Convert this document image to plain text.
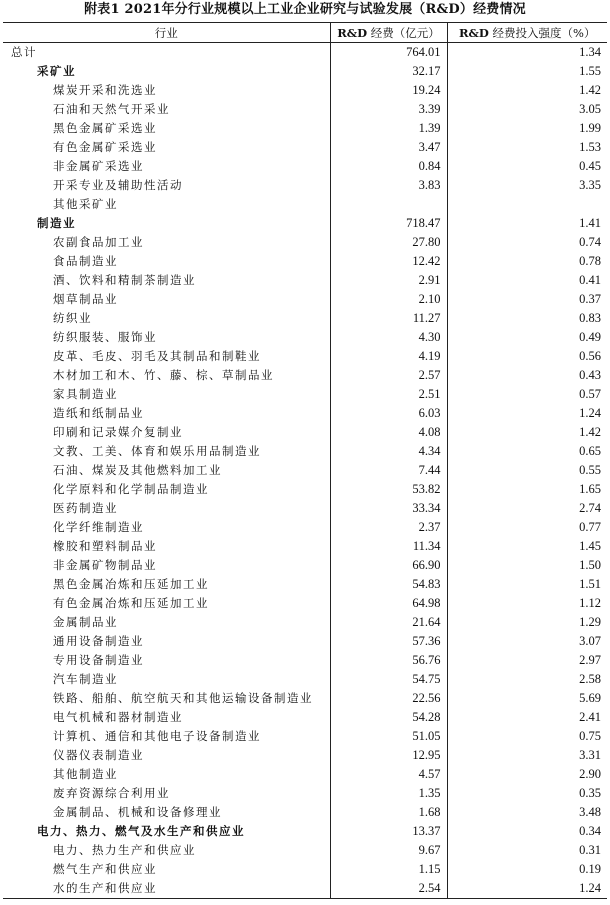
附表1 2021年分行业规模以上工业企业研究与试验发展（R&D）经费情况
行业	R&D 经费（亿元）	R&D 经费投入强度（%）
总计	764.01	1.34
采矿业	32.17	1.55
煤炭开采和洗选业	19.24	1.42
石油和天然气开采业	3.39	3.05
黑色金属矿采选业	1.39	1.99
有色金属矿采选业	3.47	1.53
非金属矿采选业	0.84	0.45
开采专业及辅助性活动	3.83	3.35
其他采矿业		
制造业	718.47	1.41
农副食品加工业	27.80	0.74
食品制造业	12.42	0.78
酒、饮料和精制茶制造业	2.91	0.41
烟草制品业	2.10	0.37
纺织业	11.27	0.83
纺织服装、服饰业	4.30	0.49
皮革、毛皮、羽毛及其制品和制鞋业	4.19	0.56
木材加工和木、竹、藤、棕、草制品业	2.57	0.43
家具制造业	2.51	0.57
造纸和纸制品业	6.03	1.24
印刷和记录媒介复制业	4.08	1.42
文教、工美、体育和娱乐用品制造业	4.34	0.65
石油、煤炭及其他燃料加工业	7.44	0.55
化学原料和化学制品制造业	53.82	1.65
医药制造业	33.34	2.74
化学纤维制造业	2.37	0.77
橡胶和塑料制品业	11.34	1.45
非金属矿物制品业	66.90	1.50
黑色金属冶炼和压延加工业	54.83	1.51
有色金属冶炼和压延加工业	64.98	1.12
金属制品业	21.64	1.29
通用设备制造业	57.36	3.07
专用设备制造业	56.76	2.97
汽车制造业	54.75	2.58
铁路、船舶、航空航天和其他运输设备制造业	22.56	5.69
电气机械和器材制造业	54.28	2.41
计算机、通信和其他电子设备制造业	51.05	0.75
仪器仪表制造业	12.95	3.31
其他制造业	4.57	2.90
废弃资源综合利用业	1.35	0.35
金属制品、机械和设备修理业	1.68	3.48
电力、热力、燃气及水生产和供应业	13.37	0.34
电力、热力生产和供应业	9.67	0.31
燃气生产和供应业	1.15	0.19
水的生产和供应业	2.54	1.24
